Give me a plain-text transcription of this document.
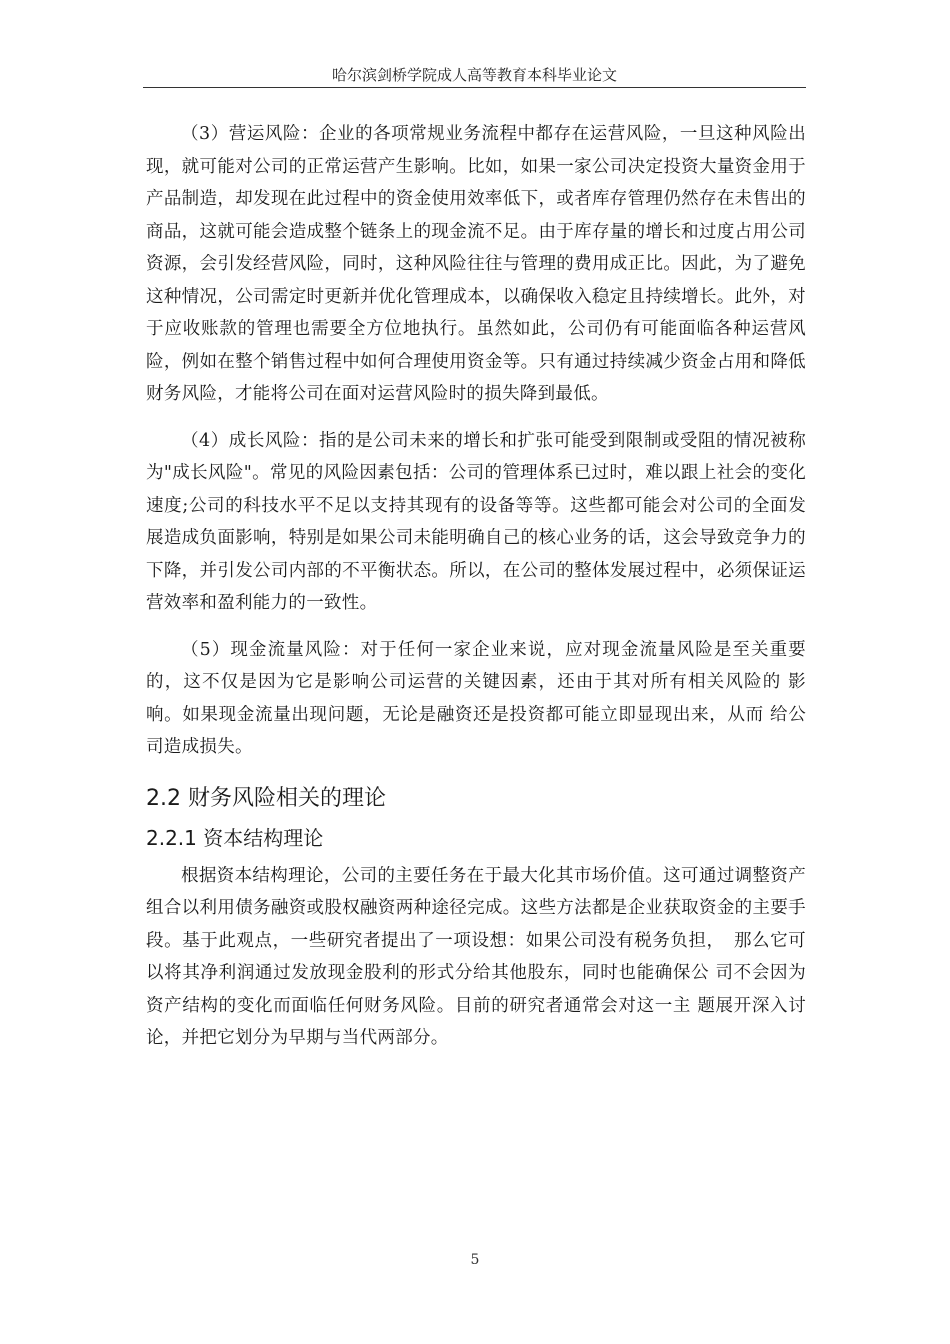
哈尔滨剑桥学院成人高等教育本科毕业论文

（3）营运风险：企业的各项常规业务流程中都存在运营风险，一旦这种风险出现，就可能对公司的正常运营产生影响。比如，如果一家公司决定投资大量资金用于产品制造，却发现在此过程中的资金使用效率低下，或者库存管理仍然存在未售出的商品，这就可能会造成整个链条上的现金流不足。由于库存量的增长和过度占用公司资源，会引发经营风险，同时，这种风险往往与管理的费用成正比。因此，为了避免这种情况，公司需定时更新并优化管理成本，以确保收入稳定且持续增长。此外，对于应收账款的管理也需要全方位地执行。虽然如此，公司仍有可能面临各种运营风险，例如在整个销售过程中如何合理使用资金等。只有通过持续减少资金占用和降低财务风险，才能将公司在面对运营风险时的损失降到最低。

（4）成长风险：指的是公司未来的增长和扩张可能受到限制或受阻的情况被称为"成长风险"。常见的风险因素包括：公司的管理体系已过时，难以跟上社会的变化速度;公司的科技水平不足以支持其现有的设备等等。这些都可能会对公司的全面发展造成负面影响，特别是如果公司未能明确自己的核心业务的话，这会导致竞争力的下降，并引发公司内部的不平衡状态。所以，在公司的整体发展过程中，必须保证运营效率和盈利能力的一致性。

（5）现金流量风险：对于任何一家企业来说，应对现金流量风险是至关重要的，这不仅是因为它是影响公司运营的关键因素，还由于其对所有相关风险的 影响。如果现金流量出现问题，无论是融资还是投资都可能立即显现出来，从而 给公司造成损失。

2.2 财务风险相关的理论
2.2.1 资本结构理论

根据资本结构理论，公司的主要任务在于最大化其市场价值。这可通过调整资产组合以利用债务融资或股权融资两种途径完成。这些方法都是企业获取资金的主要手段。基于此观点，一些研究者提出了一项设想：如果公司没有税务负担，　那么它可以将其净利润通过发放现金股利的形式分给其他股东，同时也能确保公 司不会因为资产结构的变化而面临任何财务风险。目前的研究者通常会对这一主 题展开深入讨论，并把它划分为早期与当代两部分。

5
